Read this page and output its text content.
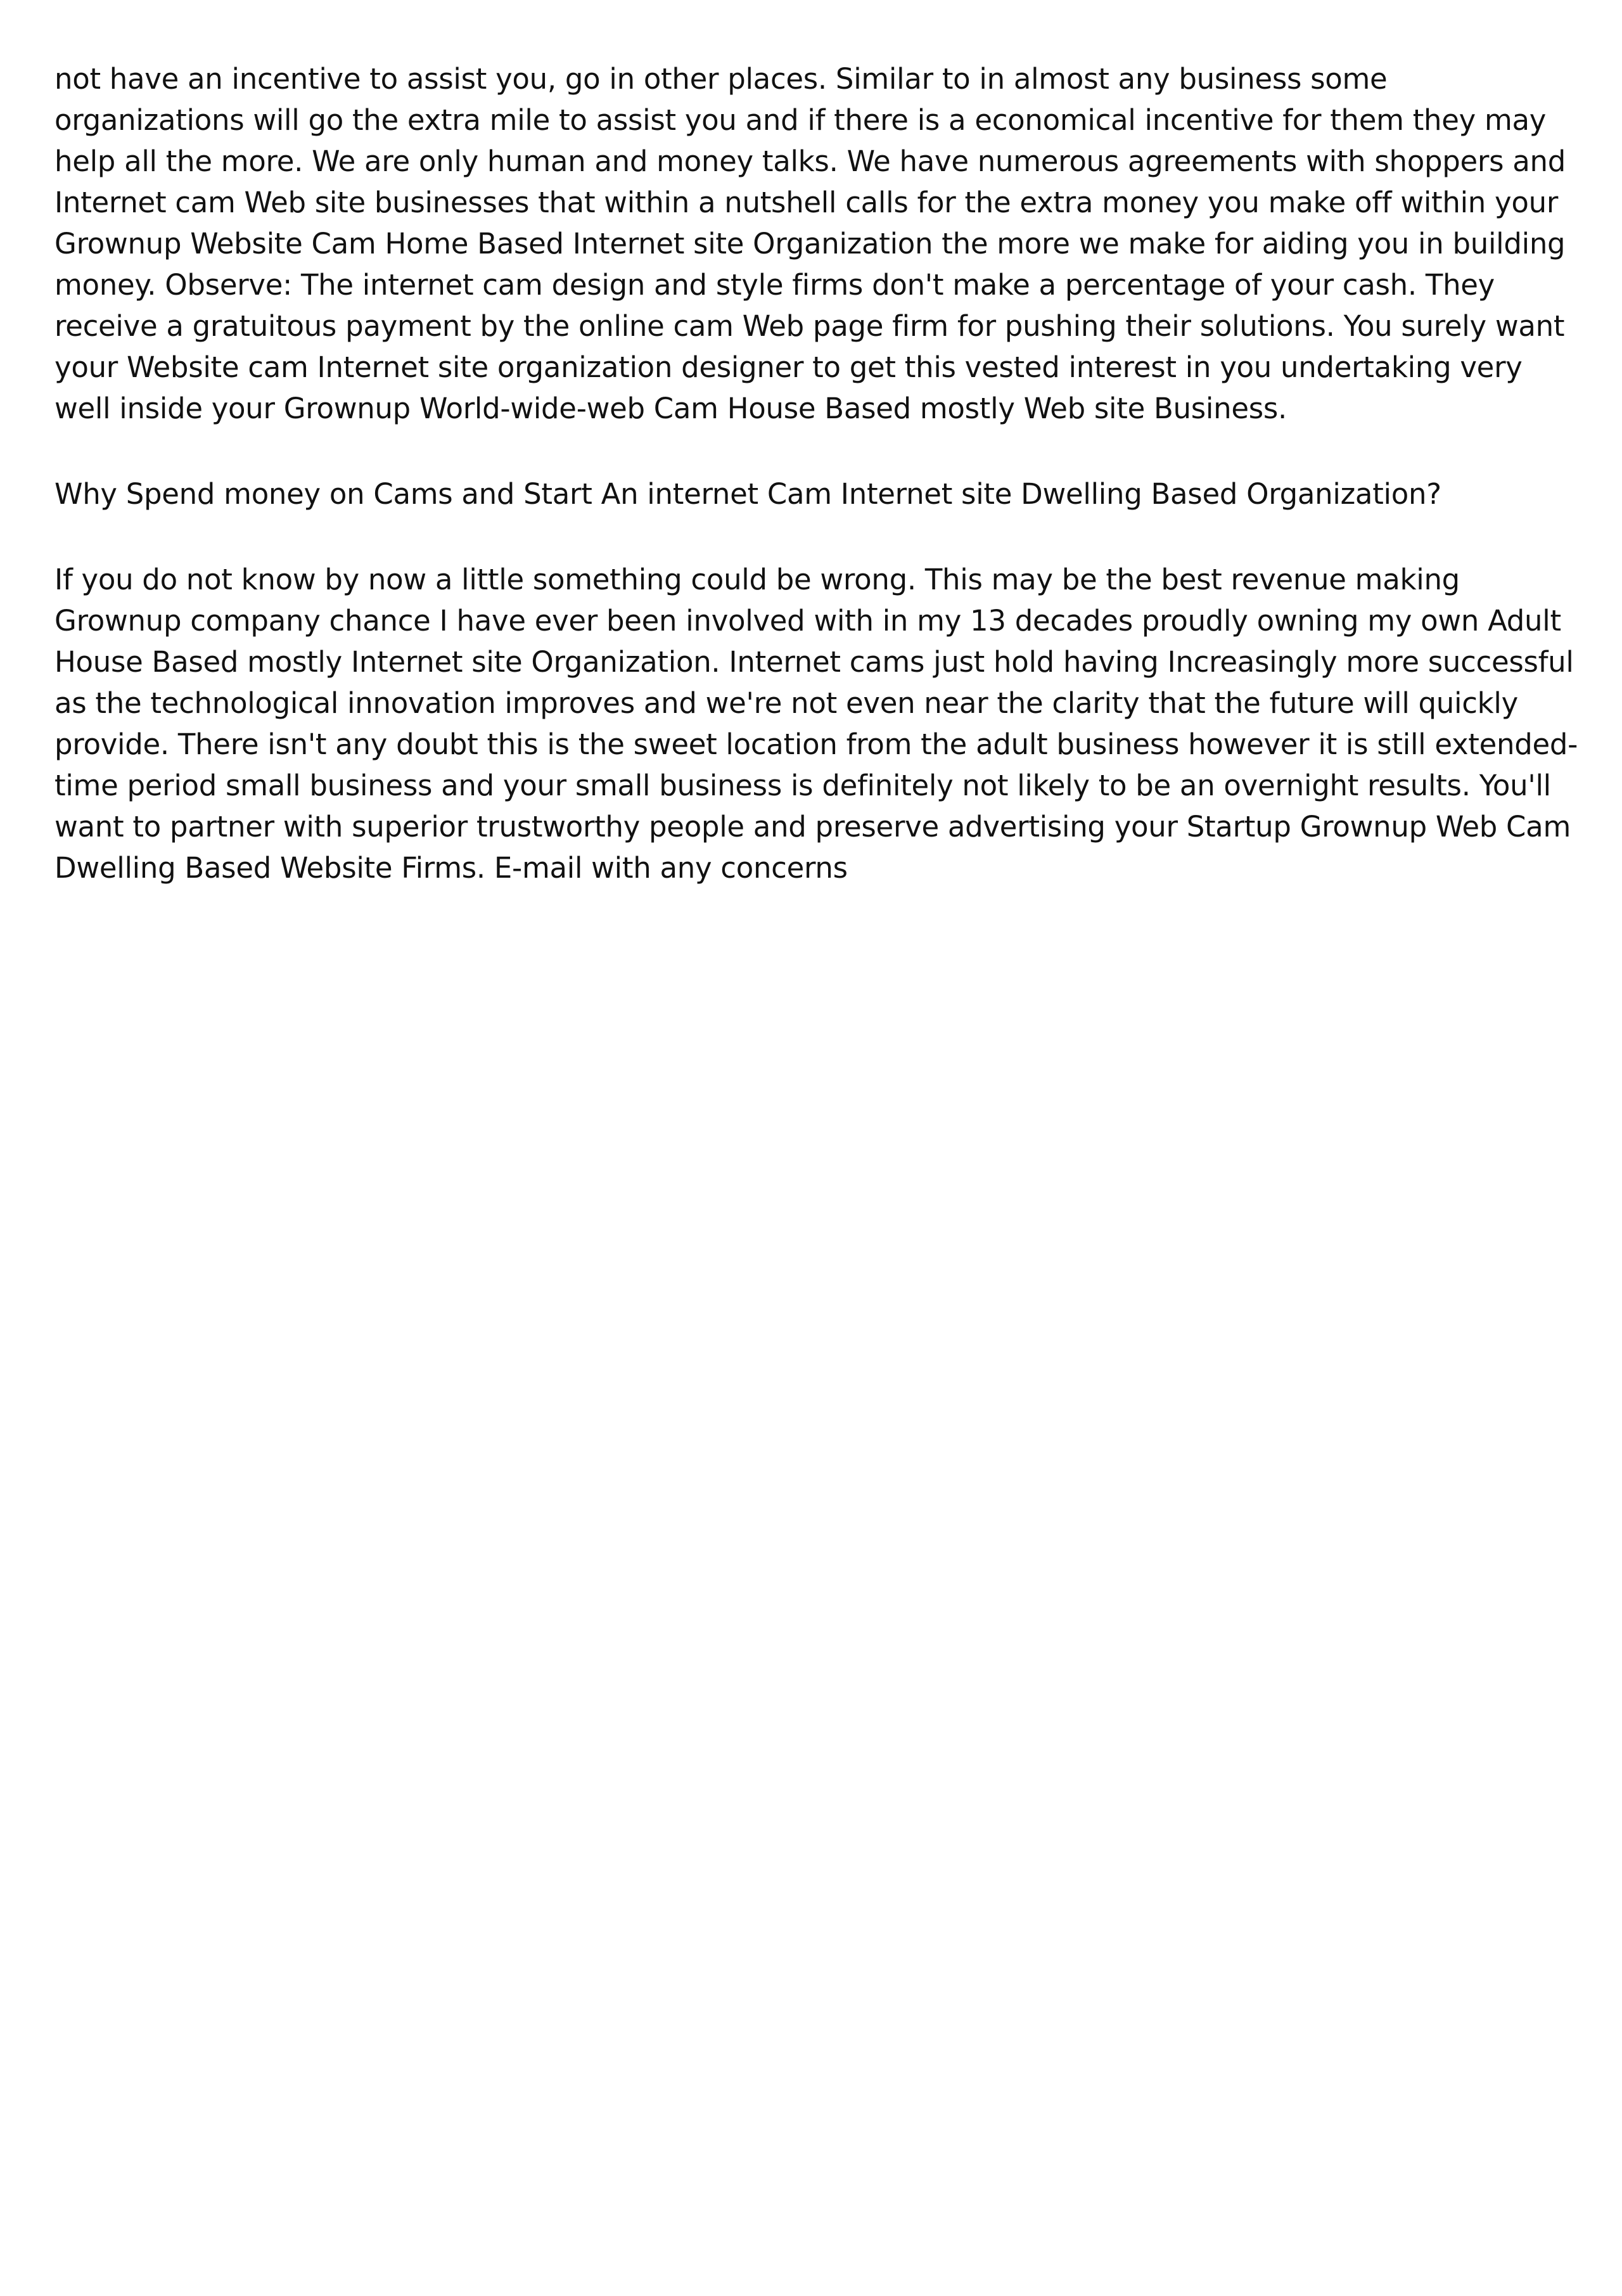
not have an incentive to assist you, go in other places. Similar to in almost any business some organizations will go the extra mile to assist you and if there is a economical incentive for them they may help all the more. We are only human and money talks. We have numerous agreements with shoppers and Internet cam Web site businesses that within a nutshell calls for the extra money you make off within your Grownup Website Cam Home Based Internet site Organization the more we make for aiding you in building money. Observe: The internet cam design and style firms don't make a percentage of your cash. They receive a gratuitous payment by the online cam Web page firm for pushing their solutions. You surely want your Website cam Internet site organization designer to get this vested interest in you undertaking very well inside your Grownup World-wide-web Cam House Based mostly Web site Business.

Why Spend money on Cams and Start An internet Cam Internet site Dwelling Based Organization?

If you do not know by now a little something could be wrong. This may be the best revenue making Grownup company chance I have ever been involved with in my 13 decades proudly owning my own Adult House Based mostly Internet site Organization. Internet cams just hold having Increasingly more successful as the technological innovation improves and we're not even near the clarity that the future will quickly provide. There isn't any doubt this is the sweet location from the adult business however it is still extended-time period small business and your small business is definitely not likely to be an overnight results. You'll want to partner with superior trustworthy people and preserve advertising your Startup Grownup Web Cam Dwelling Based Website Firms. E-mail with any concerns
